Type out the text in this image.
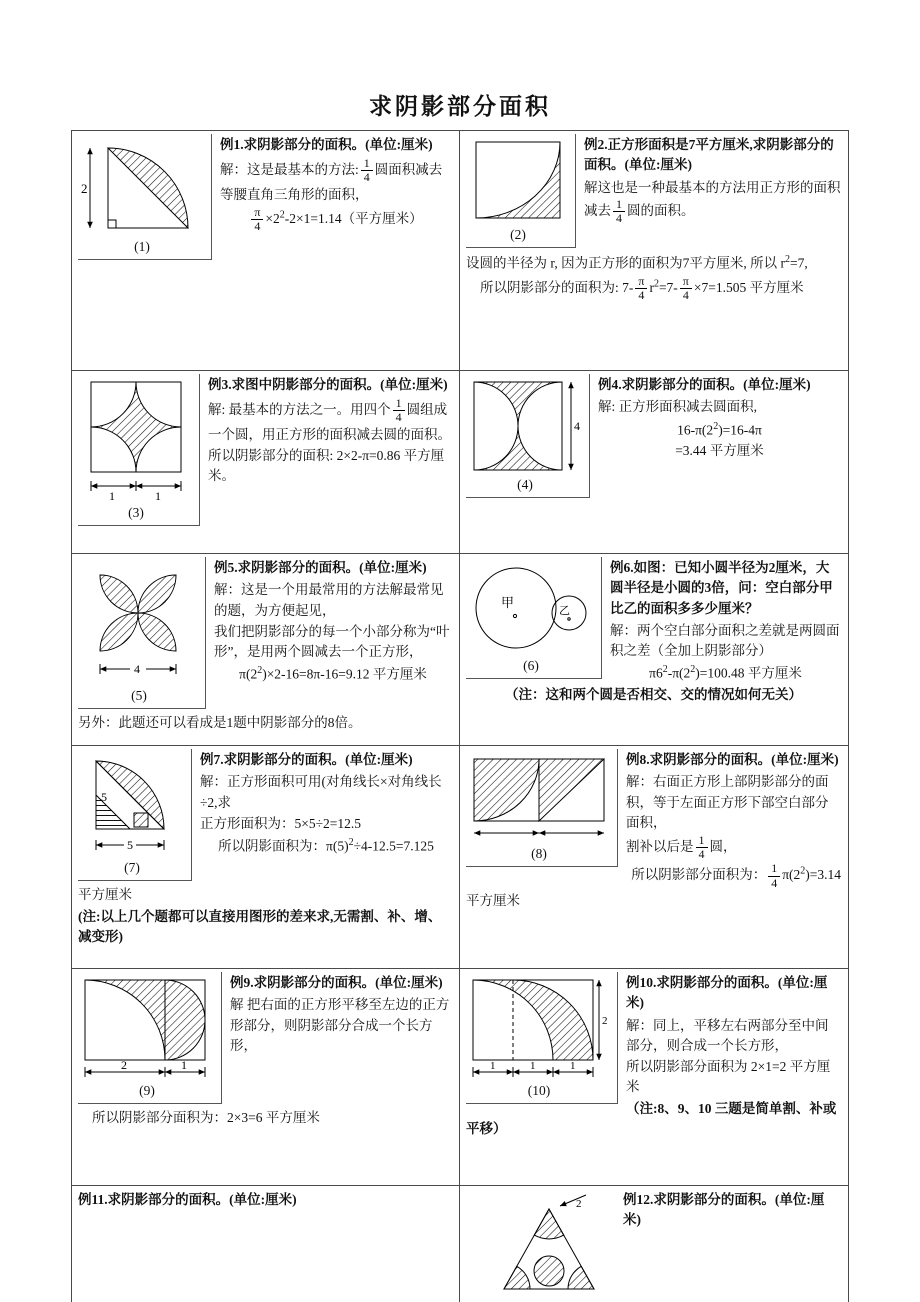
求阴影部分面积
2
(1)
例1.求阴影部分的面积。(单位:厘米)

解：这是最基本的方法: $\frac{1}{4}$ 圆面积减去等腰直角三角形的面积，

$\frac{\pi}{4} \times 2^2-2\times 1=1.14$（平方厘米）

(2)
例2.正方形面积是7平方厘米,求阴影部分的面积。(单位:厘米)

解这也是一种最基本的方法用正方形的面积减去 $\frac{1}{4}$ 圆的面积。

设圆的半径为 r, 因为正方形的面积为7平方厘米, 所以 $r^2=7$,

所以阴影部分的面积为: $7- \frac{\pi}{4} r^2=7- \frac{\pi}{4} \times 7=1.505$ 平方厘米

1	1
(3)
例3.求图中阴影部分的面积。(单位:厘米)

解: 最基本的方法之一。用四个 $\frac{1}{4}$ 圆组成一个圆，用正方形的面积减去圆的面积。

所以阴影部分的面积: 2×2-π=0.86 平方厘米。

4
(4)
例4.求阴影部分的面积。(单位:厘米)

解: 正方形面积减去圆面积,

$16-\pi(2^2)=16-4\pi$

=3.44 平方厘米

4
(5)
例5.求阴影部分的面积。(单位:厘米)

解：这是一个用最常用的方法解最常见的题，为方便起见，

我们把阴影部分的每一个小部分称为“叶形”，是用两个圆减去一个正方形，

$\pi(2^2)\times 2-16=8\pi-16=9.12$ 平方厘米

另外：此题还可以看成是1题中阴影部分的8倍。

甲
乙
(6)
例6.如图：已知小圆半径为2厘米，大圆半径是小圆的3倍，问：空白部分甲比乙的面积多多少厘米？

解：两个空白部分面积之差就是两圆面积之差（全加上阴影部分）

$\pi 6^2-\pi(2^2)=100.48$ 平方厘米

（注：这和两个圆是否相交、交的情况如何无关）

5
5
(7)
例7.求阴影部分的面积。(单位:厘米)

解：正方形面积可用(对角线长×对角线长÷2,求

正方形面积为：5×5÷2=12.5

所以阴影面积为：$\pi(5)^2\div 4-12.5=7.125$

平方厘米

(注:以上几个题都可以直接用图形的差来求,无需割、补、增、减变形)

(8)
例8.求阴影部分的面积。(单位:厘米)

解：右面正方形上部阴影部分的面积，等于左面正方形下部空白部分面积，

割补以后是 $\frac{1}{4}$ 圆，

所以阴影部分面积为： $\frac{1}{4} \pi(2^2)=3.14$

平方厘米

2	1
(9)
例9.求阴影部分的面积。(单位:厘米)

解 把右面的正方形平移至左边的正方形部分，则阴影部分合成一个长方形，

所以阴影部分面积为：2×3=6 平方厘米

2
1	1	1
(10)
例10.求阴影部分的面积。(单位:厘米)

解：同上，平移左右两部分至中间部分，则合成一个长方形，

所以阴影部分面积为 2×1=2 平方厘米

（注:8、9、10 三题是简单割、补或平移）

例11.求阴影部分的面积。(单位:厘米)	2	例12.求阴影部分的面积。(单位:厘米)
